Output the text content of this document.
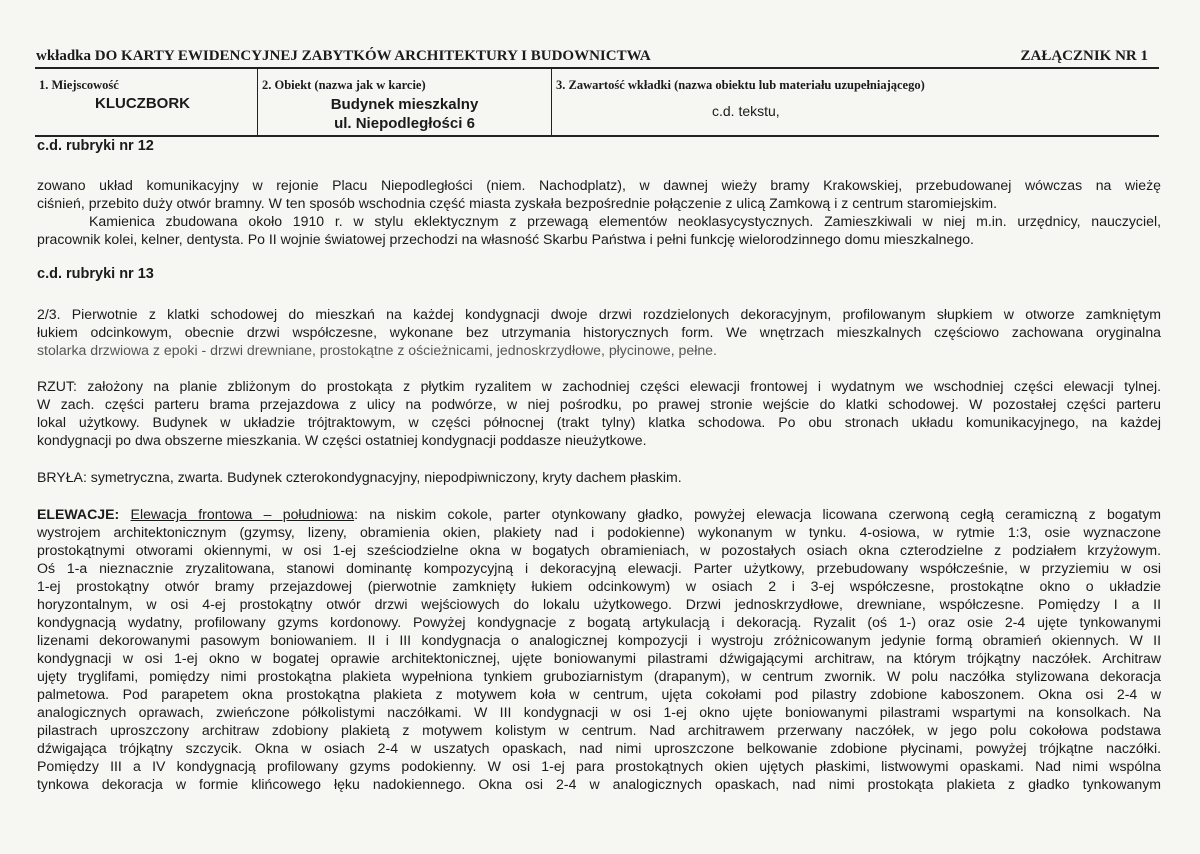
wkładka DO KARTY EWIDENCYJNEJ ZABYTKÓW ARCHITEKTURY I BUDOWNICTWA	ZAŁĄCZNIK NR 1
1. Miejscowość
KLUCZBORK
2. Obiekt (nazwa jak w karcie)
Budynek mieszkalny
ul. Niepodległości 6
3. Zawartość wkładki (nazwa obiektu lub materiału uzupełniającego)
c.d. tekstu,
c.d. rubryki nr 12
zowano układ komunikacyjny w rejonie Placu Niepodległości (niem. Nachodplatz), w dawnej wieży bramy Krakowskiej, przebudowanej wówczas na wieżę
ciśnień, przebito duży otwór bramny. W ten sposób wschodnia część miasta zyskała bezpośrednie połączenie z ulicą Zamkową i z centrum staromiejskim.
Kamienica zbudowana około 1910 r. w stylu eklektycznym z przewagą elementów neoklasycystycznych. Zamieszkiwali w niej m.in. urzędnicy, nauczyciel,
pracownik kolei, kelner, dentysta. Po II wojnie światowej przechodzi na własność Skarbu Państwa i pełni funkcję wielorodzinnego domu mieszkalnego.
c.d. rubryki nr 13
2/3. Pierwotnie z klatki schodowej do mieszkań na każdej kondygnacji dwoje drzwi rozdzielonych dekoracyjnym, profilowanym słupkiem w otworze zamkniętym
łukiem odcinkowym, obecnie drzwi współczesne, wykonane bez utrzymania historycznych form. We wnętrzach mieszkalnych częściowo zachowana oryginalna
stolarka drzwiowa z epoki - drzwi drewniane, prostokątne z ościeżnicami, jednoskrzydłowe, płycinowe, pełne.
RZUT: założony na planie zbliżonym do prostokąta z płytkim ryzalitem w zachodniej części elewacji frontowej i wydatnym we wschodniej części elewacji tylnej.
W zach. części parteru brama przejazdowa z ulicy na podwórze, w niej pośrodku, po prawej stronie wejście do klatki schodowej. W pozostałej części parteru
lokal użytkowy. Budynek w układzie trójtraktowym, w części północnej (trakt tylny) klatka schodowa. Po obu stronach układu komunikacyjnego, na każdej
kondygnacji po dwa obszerne mieszkania. W części ostatniej kondygnacji poddasze nieużytkowe.
BRYŁA: symetryczna, zwarta. Budynek czterokondygnacyjny, niepodpiwniczony, kryty dachem płaskim.
ELEWACJE: Elewacja frontowa – południowa: na niskim cokole, parter otynkowany gładko, powyżej elewacja licowana czerwoną cegłą ceramiczną z bogatym
wystrojem architektonicznym (gzymsy, lizeny, obramienia okien, plakiety nad i podokienne) wykonanym w tynku. 4-osiowa, w rytmie 1:3, osie wyznaczone
prostokątnymi otworami okiennymi, w osi 1-ej sześciodzielne okna w bogatych obramieniach, w pozostałych osiach okna czterodzielne z podziałem krzyżowym.
Oś 1-a nieznacznie zryzalitowana, stanowi dominantę kompozycyjną i dekoracyjną elewacji. Parter użytkowy, przebudowany współcześnie, w przyziemiu w osi
1-ej prostokątny otwór bramy przejazdowej (pierwotnie zamknięty łukiem odcinkowym) w osiach 2 i 3-ej współczesne, prostokątne okno o układzie
horyzontalnym, w osi 4-ej prostokątny otwór drzwi wejściowych do lokalu użytkowego. Drzwi jednoskrzydłowe, drewniane, współczesne. Pomiędzy I a II
kondygnacją wydatny, profilowany gzyms kordonowy. Powyżej kondygnacje z bogatą artykulacją i dekoracją. Ryzalit (oś 1-) oraz osie 2-4 ujęte tynkowanymi
lizenami dekorowanymi pasowym boniowaniem. II i III kondygnacja o analogicznej kompozycji i wystroju zróżnicowanym jedynie formą obramień okiennych. W II
kondygnacji w osi 1-ej okno w bogatej oprawie architektonicznej, ujęte boniowanymi pilastrami dźwigającymi architraw, na którym trójkątny naczółek. Architraw
ujęty tryglifami, pomiędzy nimi prostokątna plakieta wypełniona tynkiem gruboziarnistym (drapanym), w centrum zwornik. W polu naczółka stylizowana dekoracja
palmetowa. Pod parapetem okna prostokątna plakieta z motywem koła w centrum, ujęta cokołami pod pilastry zdobione kaboszonem. Okna osi 2-4 w
analogicznych oprawach, zwieńczone półkolistymi naczółkami. W III kondygnacji w osi 1-ej okno ujęte boniowanymi pilastrami wspartymi na konsolkach. Na
pilastrach uproszczony architraw zdobiony plakietą z motywem kolistym w centrum. Nad architrawem przerwany naczółek, w jego polu cokołowa podstawa
dźwigająca trójkątny szczycik. Okna w osiach 2-4 w uszatych opaskach, nad nimi uproszczone belkowanie zdobione płycinami, powyżej trójkątne naczółki.
Pomiędzy III a IV kondygnacją profilowany gzyms podokienny. W osi 1-ej para prostokątnych okien ujętych płaskimi, listwowymi opaskami. Nad nimi wspólna
tynkowa dekoracja w formie klińcowego łęku nadokiennego. Okna osi 2-4 w analogicznych opaskach, nad nimi prostokąta plakieta z gładko tynkowanym
